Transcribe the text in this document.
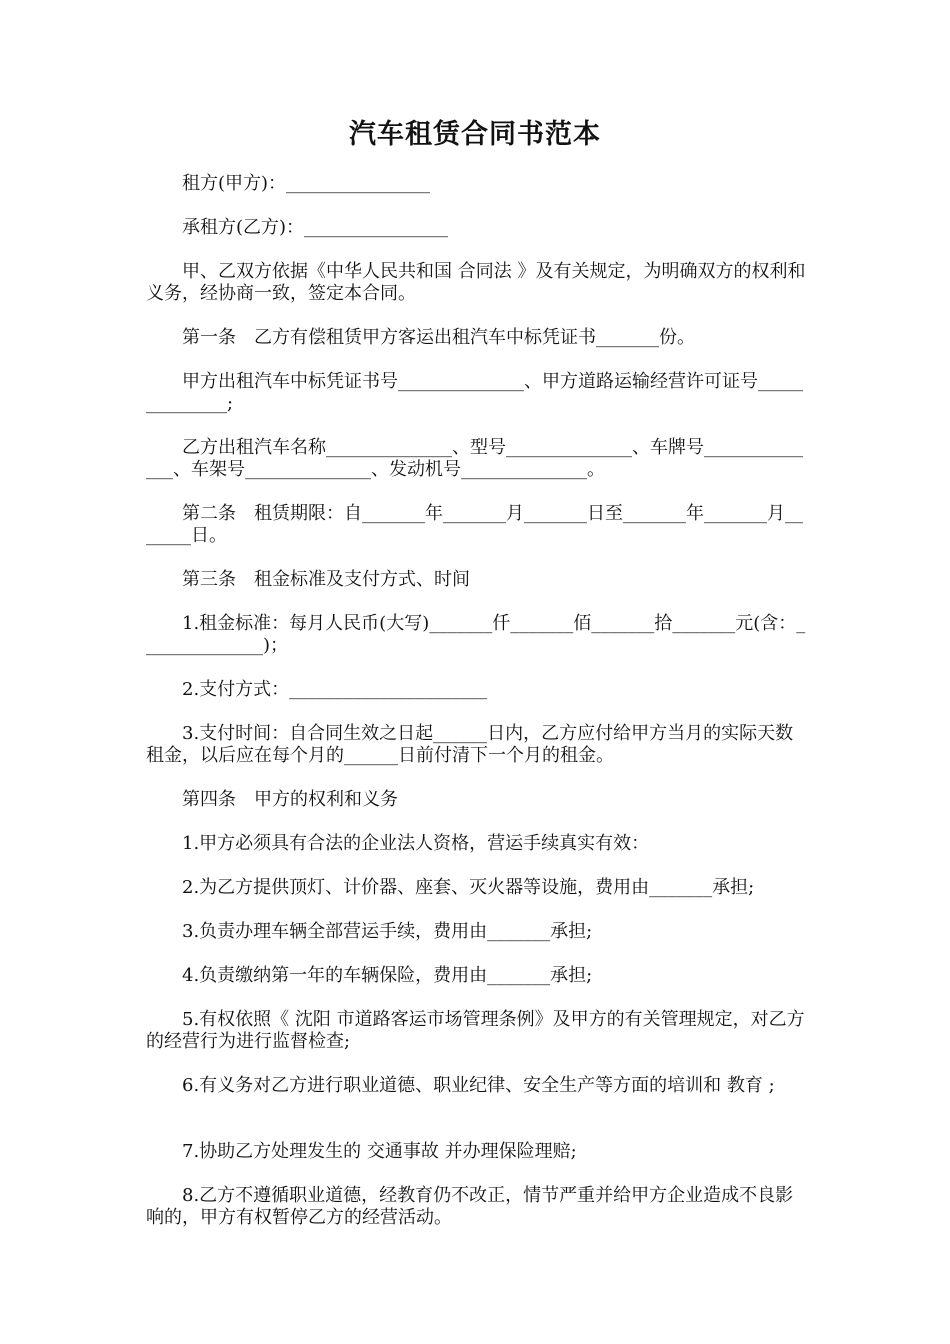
汽车租赁合同书范本
租方(甲方)：________________
承租方(乙方)：________________
甲、乙双方依据《中华人民共和国 合同法 》及有关规定，为明确双方的权利和义务，经协商一致，签定本合同。
第一条　乙方有偿租赁甲方客运出租汽车中标凭证书_______份。
甲方出租汽车中标凭证书号______________、甲方道路运输经营许可证号______________;
乙方出租汽车名称______________、型号______________、车牌号______________、车架号______________、发动机号______________。
第二条　租赁期限：自_______年_______月_______日至_______年_______月_______日。
第三条　租金标准及支付方式、时间
1.租金标准：每月人民币(大写)_______仟_______佰_______拾_______元(含：______________)；
2.支付方式：______________________
3.支付时间：自合同生效之日起______日内，乙方应付给甲方当月的实际天数租金，以后应在每个月的______日前付清下一个月的租金。
第四条　甲方的权利和义务
1.甲方必须具有合法的企业法人资格，营运手续真实有效：
2.为乙方提供顶灯、计价器、座套、灭火器等设施，费用由_______承担;
3.负责办理车辆全部营运手续，费用由_______承担;
4.负责缴纳第一年的车辆保险，费用由_______承担;
5.有权依照《 沈阳 市道路客运市场管理条例》及甲方的有关管理规定，对乙方的经营行为进行监督检查;
6.有义务对乙方进行职业道德、职业纪律、安全生产等方面的培训和 教育 ;
7.协助乙方处理发生的 交通事故 并办理保险理赔;
8.乙方不遵循职业道德，经教育仍不改正，情节严重并给甲方企业造成不良影响的，甲方有权暂停乙方的经营活动。
